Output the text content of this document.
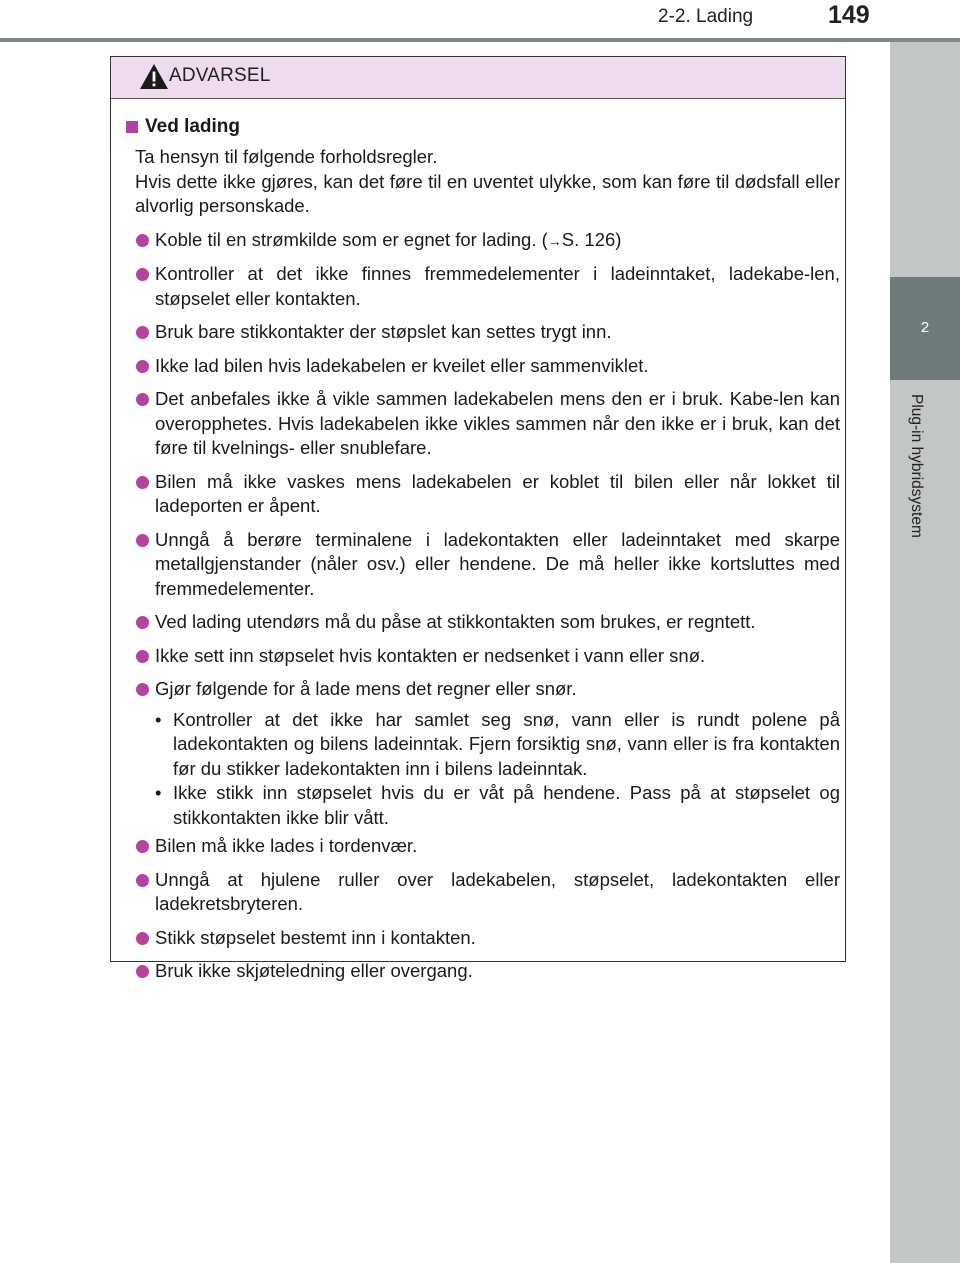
2-2. Lading	149
2
Plug-in hybridsystem
ADVARSEL
Ved lading
Ta hensyn til følgende forholdsregler.
Hvis dette ikke gjøres, kan det føre til en uventet ulykke, som kan føre til dødsfall eller alvorlig personskade.
Koble til en strømkilde som er egnet for lading. (→S. 126)
Kontroller at det ikke finnes fremmedelementer i ladeinntaket, ladekabe-len, støpselet eller kontakten.
Bruk bare stikkontakter der støpslet kan settes trygt inn.
Ikke lad bilen hvis ladekabelen er kveilet eller sammenviklet.
Det anbefales ikke å vikle sammen ladekabelen mens den er i bruk. Kabe-len kan overopphetes. Hvis ladekabelen ikke vikles sammen når den ikke er i bruk, kan det føre til kvelnings- eller snublefare.
Bilen må ikke vaskes mens ladekabelen er koblet til bilen eller når lokket til ladeporten er åpent.
Unngå å berøre terminalene i ladekontakten eller ladeinntaket med skarpe metallgjenstander (nåler osv.) eller hendene. De må heller ikke kortsluttes med fremmedelementer.
Ved lading utendørs må du påse at stikkontakten som brukes, er regntett.
Ikke sett inn støpselet hvis kontakten er nedsenket i vann eller snø.
Gjør følgende for å lade mens det regner eller snør.
• Kontroller at det ikke har samlet seg snø, vann eller is rundt polene på ladekontakten og bilens ladeinntak. Fjern forsiktig snø, vann eller is fra kontakten før du stikker ladekontakten inn i bilens ladeinntak.
• Ikke stikk inn støpselet hvis du er våt på hendene. Pass på at støpselet og stikkontakten ikke blir vått.
Bilen må ikke lades i tordenvær.
Unngå at hjulene ruller over ladekabelen, støpselet, ladekontakten eller ladekretsbryteren.
Stikk støpselet bestemt inn i kontakten.
Bruk ikke skjøteledning eller overgang.
